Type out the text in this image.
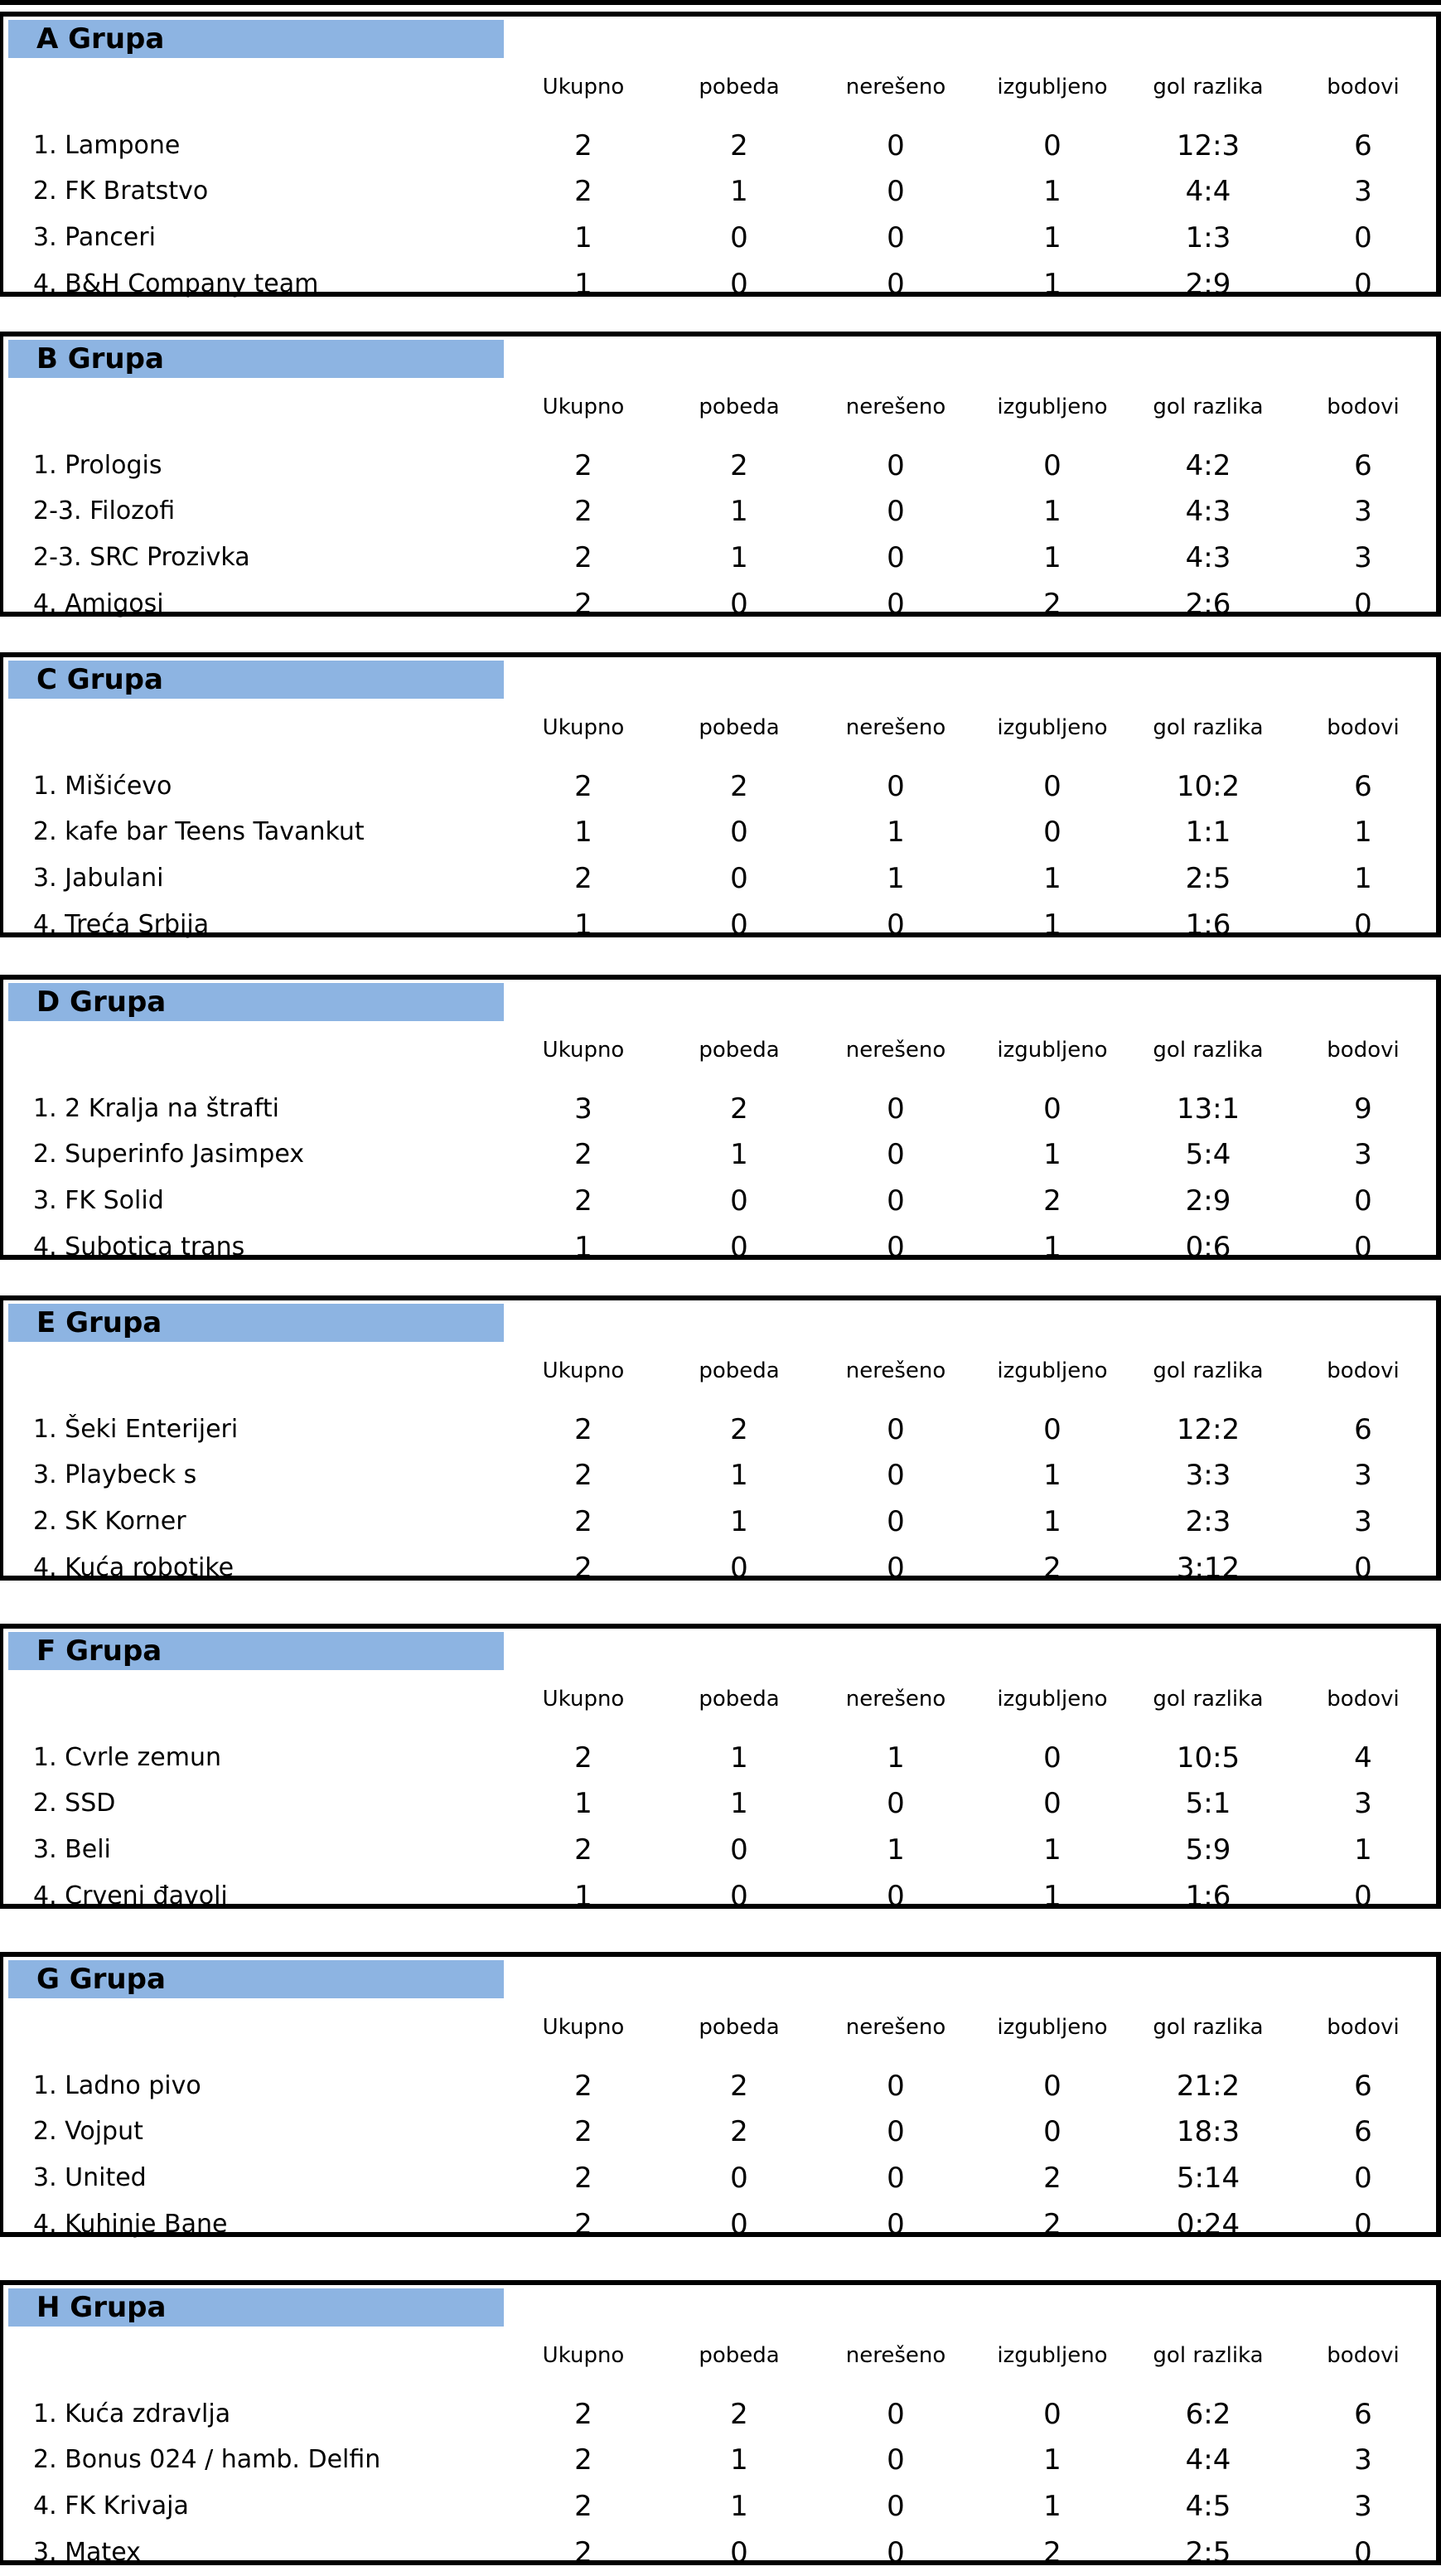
A Grupa
Ukupno	pobeda	nerešeno	izgubljeno	gol razlika	bodovi
1. Lampone	2	2	0	0	12:3	6
2. FK Bratstvo	2	1	0	1	4:4	3
3. Panceri	1	0	0	1	1:3	0
4. B&H Company team	1	0	0	1	2:9	0
B Grupa
Ukupno	pobeda	nerešeno	izgubljeno	gol razlika	bodovi
1. Prologis	2	2	0	0	4:2	6
2-3. Filozofi	2	1	0	1	4:3	3
2-3. SRC Prozivka	2	1	0	1	4:3	3
4. Amigosi	2	0	0	2	2:6	0
C Grupa
Ukupno	pobeda	nerešeno	izgubljeno	gol razlika	bodovi
1. Mišićevo	2	2	0	0	10:2	6
2. kafe bar Teens Tavankut	1	0	1	0	1:1	1
3. Jabulani	2	0	1	1	2:5	1
4. Treća Srbija	1	0	0	1	1:6	0
D Grupa
Ukupno	pobeda	nerešeno	izgubljeno	gol razlika	bodovi
1. 2 Kralja na štrafti	3	2	0	0	13:1	9
2. Superinfo Jasimpex	2	1	0	1	5:4	3
3. FK Solid	2	0	0	2	2:9	0
4. Subotica trans	1	0	0	1	0:6	0
E Grupa
Ukupno	pobeda	nerešeno	izgubljeno	gol razlika	bodovi
1. Šeki Enterijeri	2	2	0	0	12:2	6
3. Playbeck s	2	1	0	1	3:3	3
2. SK Korner	2	1	0	1	2:3	3
4. Kuća robotike	2	0	0	2	3:12	0
F Grupa
Ukupno	pobeda	nerešeno	izgubljeno	gol razlika	bodovi
1. Cvrle zemun	2	1	1	0	10:5	4
2. SSD	1	1	0	0	5:1	3
3. Beli	2	0	1	1	5:9	1
4. Crveni đavoli	1	0	0	1	1:6	0
G Grupa
Ukupno	pobeda	nerešeno	izgubljeno	gol razlika	bodovi
1. Ladno pivo	2	2	0	0	21:2	6
2. Vojput	2	2	0	0	18:3	6
3. United	2	0	0	2	5:14	0
4. Kuhinje Bane	2	0	0	2	0:24	0
H Grupa
Ukupno	pobeda	nerešeno	izgubljeno	gol razlika	bodovi
1. Kuća zdravlja	2	2	0	0	6:2	6
2. Bonus 024 / hamb. Delfin	2	1	0	1	4:4	3
4. FK Krivaja	2	1	0	1	4:5	3
3. Matex	2	0	0	2	2:5	0
